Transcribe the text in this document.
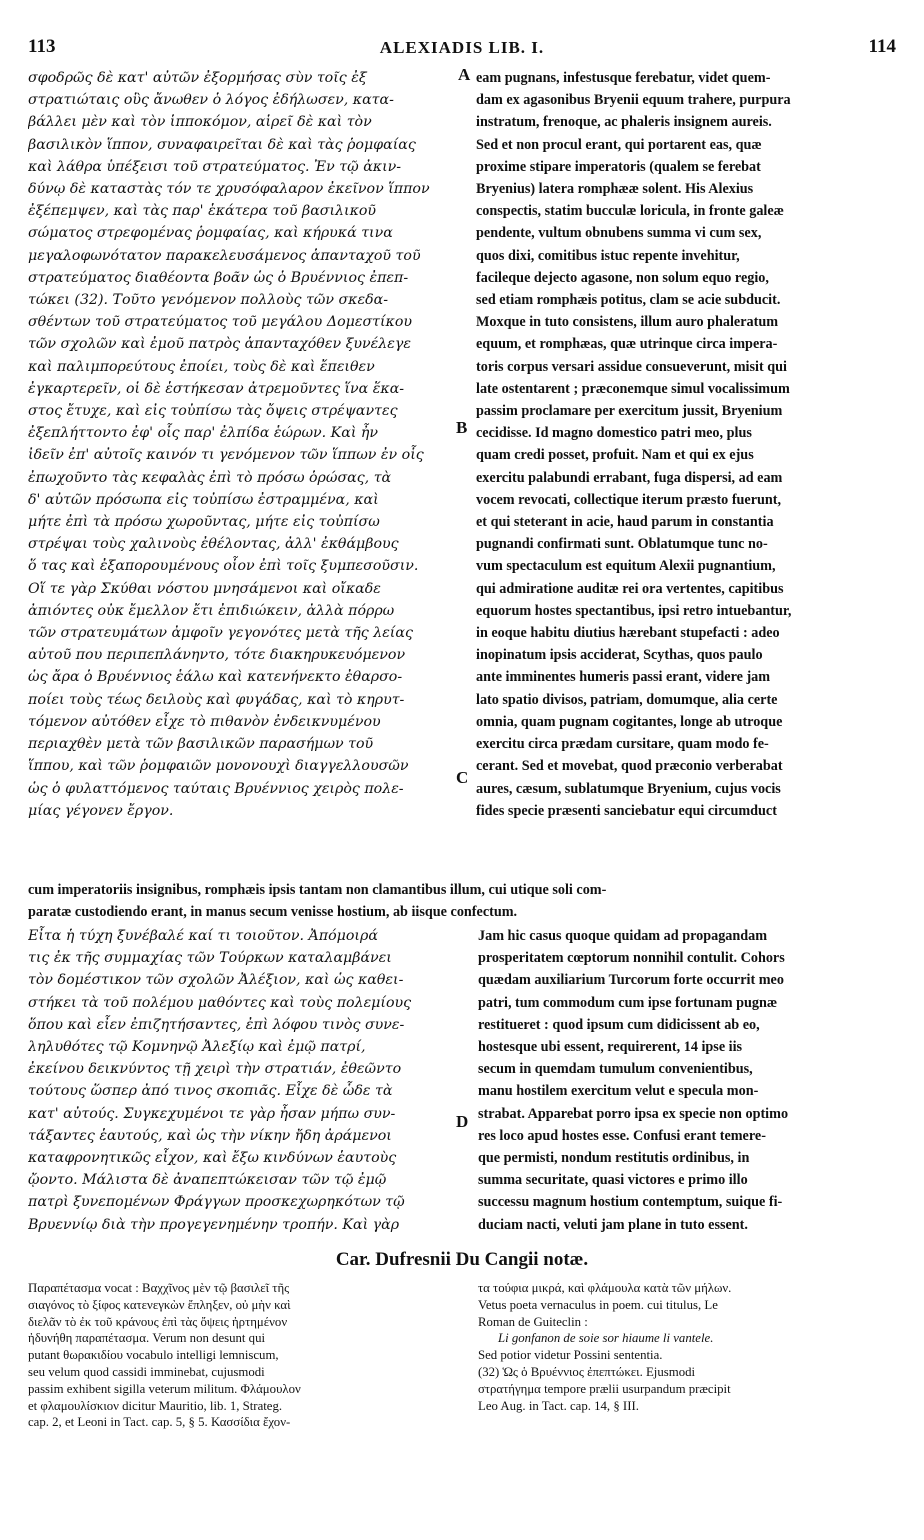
113	ALEXIADIS LIB. I.	114
σφοδρῶς δὲ κατ' αὐτῶν ἐξορμήσας σὺν τοῖς ἐξ
στρατιώταις οὓς ἄνωθεν ὁ λόγος ἐδήλωσεν, κατα-
βάλλει μὲν καὶ τὸν ἱπποκόμον, αἱρεῖ δὲ καὶ τὸν
βασιλικὸν ἵππον, συναφαιρεῖται δὲ καὶ τὰς ῥομφαίας
καὶ λάθρα ὑπέξεισι τοῦ στρατεύματος. Ἐν τῷ ἀκιν-
δύνῳ δὲ καταστὰς τόν τε χρυσόφαλαρον ἐκεῖνον ἵππον
ἐξέπεμψεν, καὶ τὰς παρ' ἑκάτερα τοῦ βασιλικοῦ
σώματος στρεφομένας ῥομφαίας, καὶ κήρυκά τινα
μεγαλοφωνότατον παρακελευσάμενος ἁπανταχοῦ τοῦ
στρατεύματος διαθέοντα βοᾶν ὡς ὁ Βρυέννιος ἐπεπ-
τώκει (32). Τοῦτο γενόμενον πολλοὺς τῶν σκεδα-
σθέντων τοῦ στρατεύματος τοῦ μεγάλου Δομεστίκου
τῶν σχολῶν καὶ ἐμοῦ πατρὸς ἁπανταχόθεν ξυνέλεγε
καὶ παλιμπορεύτους ἐποίει, τοὺς δὲ καὶ ἔπειθεν
ἐγκαρτερεῖν, οἱ δὲ ἑστήκεσαν ἀτρεμοῦντες ἵνα ἕκα-
στος ἔτυχε, καὶ εἰς τοὐπίσω τὰς ὄψεις στρέψαντες
ἐξεπλήττοντο ἐφ' οἷς παρ' ἐλπίδα ἑώρων. Καὶ ἦν
ἰδεῖν ἐπ' αὐτοῖς καινόν τι γενόμενον τῶν ἵππων ἐν οἷς
ἐπωχοῦντο τὰς κεφαλὰς ἐπὶ τὸ πρόσω ὁρώσας, τὰ
δ' αὐτῶν πρόσωπα εἰς τοὐπίσω ἐστραμμένα, καὶ
μήτε ἐπὶ τὰ πρόσω χωροῦντας, μήτε εἰς τοὐπίσω
στρέψαι τοὺς χαλινοὺς ἐθέλοντας, ἀλλ' ἐκθάμβους
ὅ τας καὶ ἐξαπορουμένους οἷον ἐπὶ τοῖς ξυμπεσοῦσιν.
Οἵ τε γὰρ Σκύθαι νόστου μνησάμενοι καὶ οἴκαδε
ἀπιόντες οὐκ ἔμελλον ἔτι ἐπιδιώκειν, ἀλλὰ πόρρω
τῶν στρατευμάτων ἀμφοῖν γεγονότες μετὰ τῆς λείας
αὐτοῦ που περιπεπλάνηντο, τότε διακηρυκευόμενον
ὡς ἄρα ὁ Βρυέννιος ἑάλω καὶ κατενήνεκτο ἐθαρσο-
ποίει τοὺς τέως δειλοὺς καὶ φυγάδας, καὶ τὸ κηρυτ-
τόμενον αὐτόθεν εἶχε τὸ πιθανὸν ἐνδεικνυμένου
περιαχθὲν μετὰ τῶν βασιλικῶν παρασήμων τοῦ
ἵππου, καὶ τῶν ῥομφαιῶν μονονουχὶ διαγγελλουσῶν
ὡς ὁ φυλαττόμενος ταύταις Βρυέννιος χειρὸς πολε-
μίας γέγονεν ἔργον.
eam pugnans, infestusque ferebatur, videt quem-
dam ex agasonibus Bryenii equum trahere, purpura
instratum, frenoque, ac phaleris insignem aureis.
Sed et non procul erant, qui portarent eas, quæ
proxime stipare imperatoris (qualem se ferebat
Bryenius) latera romphææ solent. His Alexius
conspectis, statim bucculæ loricula, in fronte galeæ
pendente, vultum obnubens summa vi cum sex,
quos dixi, comitibus istuc repente invehitur,
facileque dejecto agasone, non solum equo regio,
sed etiam romphæis potitus, clam se acie subducit.
Moxque in tuto consistens, illum auro phaleratum
equum, et romphæas, quæ utrinque circa impera-
toris corpus versari assidue consueverunt, misit qui
late ostentarent ; præconemque simul vocalissimum
passim proclamare per exercitum jussit, Bryenium
cecidisse. Id magno domestico patri meo, plus
quam credi posset, profuit. Nam et qui ex ejus
exercitu palabundi errabant, fuga dispersi, ad eam
vocem revocati, collectique iterum præsto fuerunt,
et qui steterant in acie, haud parum in constantia
pugnandi confirmati sunt. Oblatumque tunc no-
vum spectaculum est equitum Alexii pugnantium,
qui admiratione auditæ rei ora vertentes, capitibus
equorum hostes spectantibus, ipsi retro intuebantur,
in eoque habitu diutius hærebant stupefacti : adeo
inopinatum ipsis acciderat, Scythas, quos paulo
ante imminentes humeris passi erant, videre jam
lato spatio divisos, patriam, domumque, alia certe
omnia, quam pugnam cogitantes, longe ab utroque
exercitu circa prædam cursitare, quam modo fe-
cerant. Sed et movebat, quod præconio verberabat
aures, cæsum, sublatumque Bryenium, cujus vocis
fides specie præsenti sanciebatur equi circumduct
A
B
C
D
cum imperatoriis insignibus, romphæis ipsis tantam non clamantibus illum, cui utique soli com-
paratæ custodiendo erant, in manus secum venisse hostium, ab iisque confectum.
Εἶτα ἡ τύχη ξυνέβαλέ καί τι τοιοῦτον. Ἀπόμοιρά
τις ἐκ τῆς συμμαχίας τῶν Τούρκων καταλαμβάνει
τὸν δομέστικον τῶν σχολῶν Ἀλέξιον, καὶ ὡς καθει-
στήκει τὰ τοῦ πολέμου μαθόντες καὶ τοὺς πολεμίους
ὅπου καὶ εἶεν ἐπιζητήσαντες, ἐπὶ λόφου τινὸς συνε-
ληλυθότες τῷ Κομνηνῷ Ἀλεξίῳ καὶ ἐμῷ πατρί,
ἐκείνου δεικνύντος τῇ χειρὶ τὴν στρατιάν, ἐθεῶντο
τούτους ὥσπερ ἀπό τινος σκοπιᾶς. Εἶχε δὲ ὧδε τὰ
κατ' αὐτούς. Συγκεχυμένοι τε γὰρ ἦσαν μήπω συν-
τάξαντες ἑαυτούς, καὶ ὡς τὴν νίκην ἤδη ἀράμενοι
καταφρονητικῶς εἶχον, καὶ ἔξω κινδύνων ἑαυτοὺς
ᾤοντο. Μάλιστα δὲ ἀναπεπτώκεισαν τῶν τῷ ἐμῷ
πατρὶ ξυνεπομένων Φράγγων προσκεχωρηκότων τῷ
Βρυεννίῳ διὰ τὴν προγεγενημένην τροπήν. Καὶ γὰρ
Jam hic casus quoque quidam ad propagandam
prosperitatem cœptorum nonnihil contulit. Cohors
quædam auxiliarium Turcorum forte occurrit meo
patri, tum commodum cum ipse fortunam pugnæ
restitueret : quod ipsum cum didicissent ab eo,
hostesque ubi essent, requirerent, 14 ipse iis
secum in quemdam tumulum convenientibus,
manu hostilem exercitum velut e specula mon-
strabat. Apparebat porro ipsa ex specie non optimo
res loco apud hostes esse. Confusi erant temere-
que permisti, nondum restitutis ordinibus, in
summa securitate, quasi victores e primo illo
successu magnum hostium contemptum, suique fi-
duciam nacti, veluti jam plane in tuto essent.
Car. Dufresnii Du Cangii notæ.
Παραπέτασμα vocat : Βαχχῖνος μὲν τῷ βασιλεῖ τῆς
σιαγόνος τὸ ξίφος κατενεγκὼν ἔπληξεν, οὐ μὴν καὶ
διελᾶν τὸ ἐκ τοῦ κράνους ἐπὶ τὰς ὄψεις ἠρτημένον
ἠδυνήθη παραπέτασμα. Verum non desunt qui
putant θωρακιδίου vocabulo intelligi lemniscum,
seu velum quod cassidi imminebat, cujusmodi
passim exhibent sigilla veterum militum. Φλάμουλον
et φλαμουλίσκιον dicitur Mauritio, lib. 1, Strateg.
cap. 2, et Leoni in Tact. cap. 5, § 5. Κασσίδια ἔχον-
τα τούφια μικρά, καὶ φλάμουλα κατὰ τῶν μήλων.
Vetus poeta vernaculus in poem. cui titulus, Le
Roman de Guiteclin :
Li gonfanon de soie sor hiaume li vantele.
Sed potior videtur Possini sententia.
(32) Ὡς ὁ Βρυέννιος ἐπεπτώκει. Ejusmodi
στρατήγημα tempore prælii usurpandum præcipit
Leo Aug. in Tact. cap. 14, § III.
